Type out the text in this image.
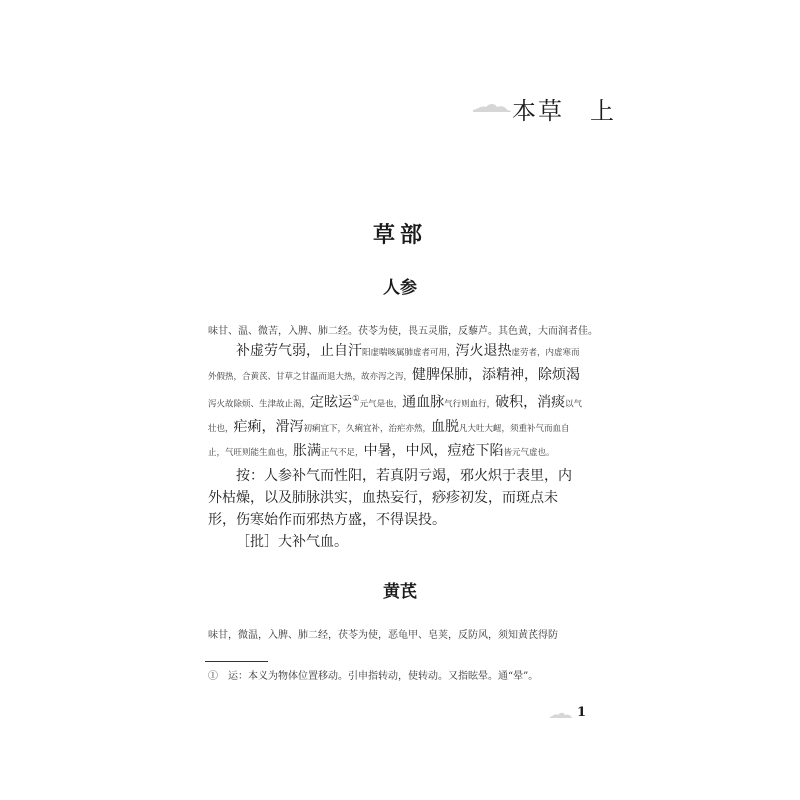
本草　上
草部
人参
味甘、温、微苦，入脾、肺二经。茯苓为使，畏五灵脂，反藜芦。其色黄，大而润者佳。

补虚劳气弱，止自汗阳虚喘咳属肺虚者可用，泻火退热虚劳者，内虚寒而外假热，合黄芪、甘草之甘温而退大热，故亦泻之泻，健脾保肺，添精神，除烦渴泻火故除烦、生津故止渴，定眩运①元气是也，通血脉气行则血行，破积，消痰以气壮也，疟痢，滑泻初痢宜下，久痢宜补，治疟亦然，血脱凡大吐大衄，须重补气而血自止，气旺则能生血也，胀满正气不足，中暑，中风，痘疮下陷皆元气虚也。

按：人参补气而性阳，若真阴亏竭，邪火炽于表里，内外枯燥，以及肺脉洪实，血热妄行，痧疹初发，而斑点未形，伤寒始作而邪热方盛，不得误投。

［批］大补气血。

黄芪
味甘，微温，入脾、肺二经，茯苓为使，恶龟甲、皂荚，反防风，须知黄芪得防
①　运：本义为物体位置移动。引申指转动，使转动。又指眩晕。通“晕”。
1
